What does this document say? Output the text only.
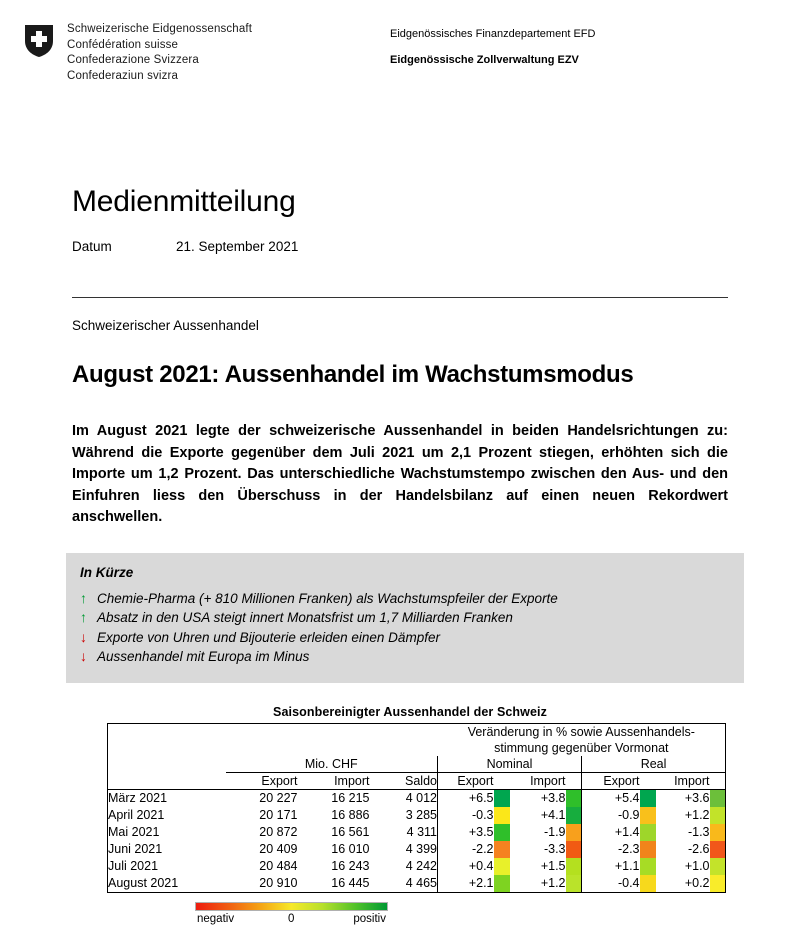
Schweizerische Eidgenossenschaft
Confédération suisse
Confederazione Svizzera
Confederaziun svizra
Eidgenössisches Finanzdepartement EFD
Eidgenössische Zollverwaltung EZV
Medienmitteilung
Datum	21. September 2021
Schweizerischer Aussenhandel
August 2021: Aussenhandel im Wachstumsmodus
Im August 2021 legte der schweizerische Aussenhandel in beiden Handelsrichtungen zu: Während die Exporte gegenüber dem Juli 2021 um 2,1 Prozent stiegen, erhöhten sich die Importe um 1,2 Prozent. Das unterschiedliche Wachstumstempo zwischen den Aus- und den Einfuhren liess den Überschuss in der Handelsbilanz auf einen neuen Rekordwert anschwellen.
In Kürze
↑ Chemie-Pharma (+ 810 Millionen Franken) als Wachstumspfeiler der Exporte
↑ Absatz in den USA steigt innert Monatsfrist um 1,7 Milliarden Franken
↓ Exporte von Uhren und Bijouterie erleiden einen Dämpfer
↓ Aussenhandel mit Europa im Minus
Saisonbereinigter Aussenhandel der Schweiz
				Veränderung in % sowie Aussenhandels-
stimmung gegenüber Vormonat							
	Mio. CHF			Nominal				Real			
	Export	Import	Saldo	Export		Import		Export		Import	
März 2021	20 227	16 215	4 012	+6.5		+3.8		+5.4		+3.6	

April 2021	20 171	16 886	3 285	-0.3		+4.1		-0.9		+1.2	

Mai 2021	20 872	16 561	4 311	+3.5		-1.9		+1.4		-1.3	

Juni 2021	20 409	16 010	4 399	-2.2		-3.3		-2.3		-2.6	

Juli 2021	20 484	16 243	4 242	+0.4		+1.5		+1.1		+1.0	

August 2021	20 910	16 445	4 465	+2.1		+1.2		-0.4		+0.2	
negativ	0	positiv
